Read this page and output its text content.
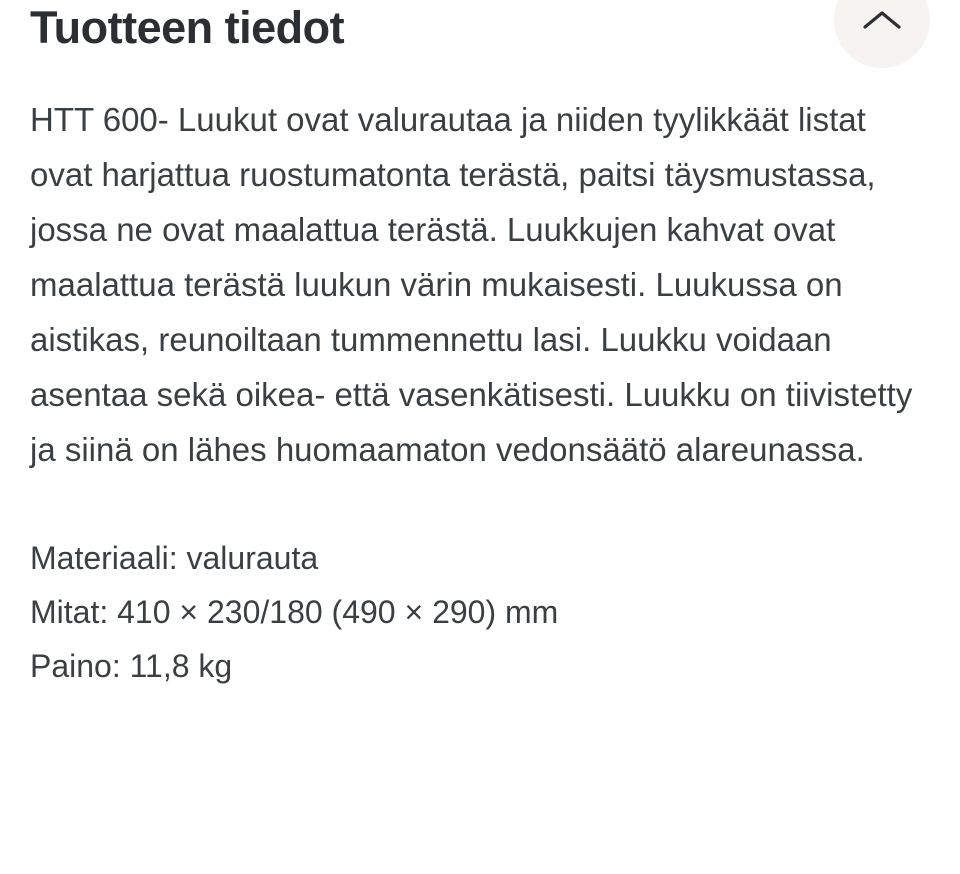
Tuotteen tiedot

HTT 600- Luukut ovat valurautaa ja niiden tyylikkäät listat ovat harjattua ruostumatonta terästä, paitsi täysmustassa, jossa ne ovat maalattua terästä. Luukkujen kahvat ovat maalattua terästä luukun värin mukaisesti. Luukussa on aistikas, reunoiltaan tummennettu lasi. Luukku voidaan asentaa sekä oikea- että vasenkätisesti. Luukku on tiivistetty ja siinä on lähes huomaamaton vedonsäätö alareunassa.

Materiaali: valurauta

Mitat: 410 × 230/180 (490 × 290) mm

Paino: 11,8 kg
